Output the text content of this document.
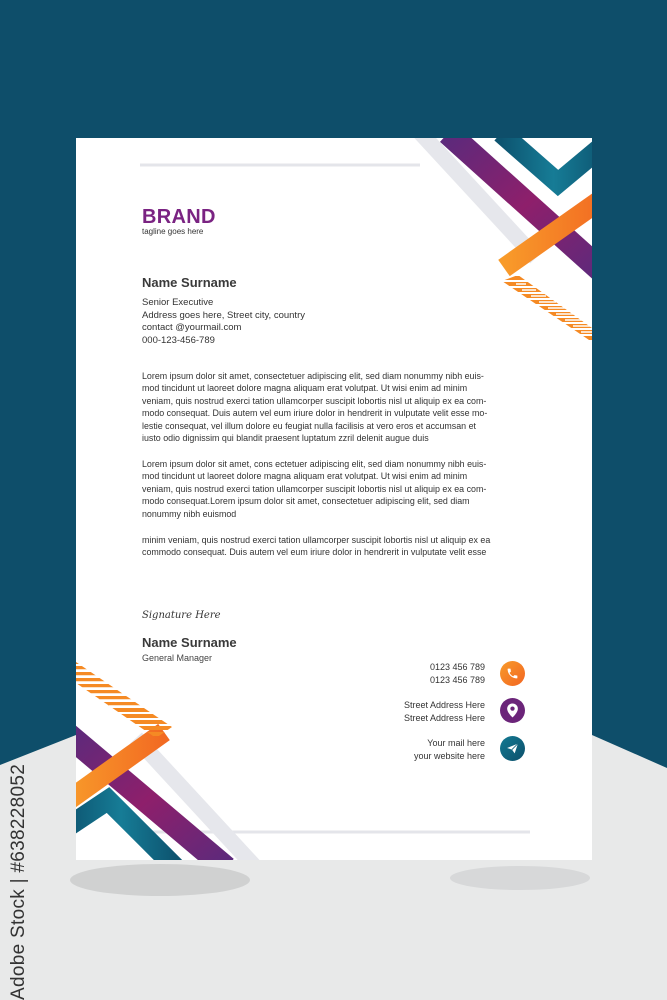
BRAND
tagline goes here
Name Surname
Senior Executive
Address goes here, Street city, country
contact @yourmail.com
000-123-456-789
Lorem ipsum dolor sit amet, consectetuer adipiscing elit, sed diam nonummy nibh euis-
mod tincidunt ut laoreet dolore magna aliquam erat volutpat. Ut wisi enim ad minim
veniam, quis nostrud exerci tation ullamcorper suscipit lobortis nisl ut aliquip ex ea com-
modo consequat. Duis autem vel eum iriure dolor in hendrerit in vulputate velit esse mo-
lestie consequat, vel illum dolore eu feugiat nulla facilisis at vero eros et accumsan et
iusto odio dignissim qui blandit praesent luptatum zzril delenit augue duis
Lorem ipsum dolor sit amet, cons ectetuer adipiscing elit, sed diam nonummy nibh euis-
mod tincidunt ut laoreet dolore magna aliquam erat volutpat. Ut wisi enim ad minim
veniam, quis nostrud exerci tation ullamcorper suscipit lobortis nisl ut aliquip ex ea com-
modo consequat.Lorem ipsum dolor sit amet, consectetuer adipiscing elit, sed diam
nonummy nibh euismod
minim veniam, quis nostrud exerci tation ullamcorper suscipit lobortis nisl ut aliquip ex ea
commodo consequat. Duis autem vel eum iriure dolor in hendrerit in vulputate velit esse
Signature Here
Name Surname
General Manager
0123 456 789
0123 456 789
Street Address Here
Street Address Here
Your mail here
your website here
Adobe Stock | #638228052
